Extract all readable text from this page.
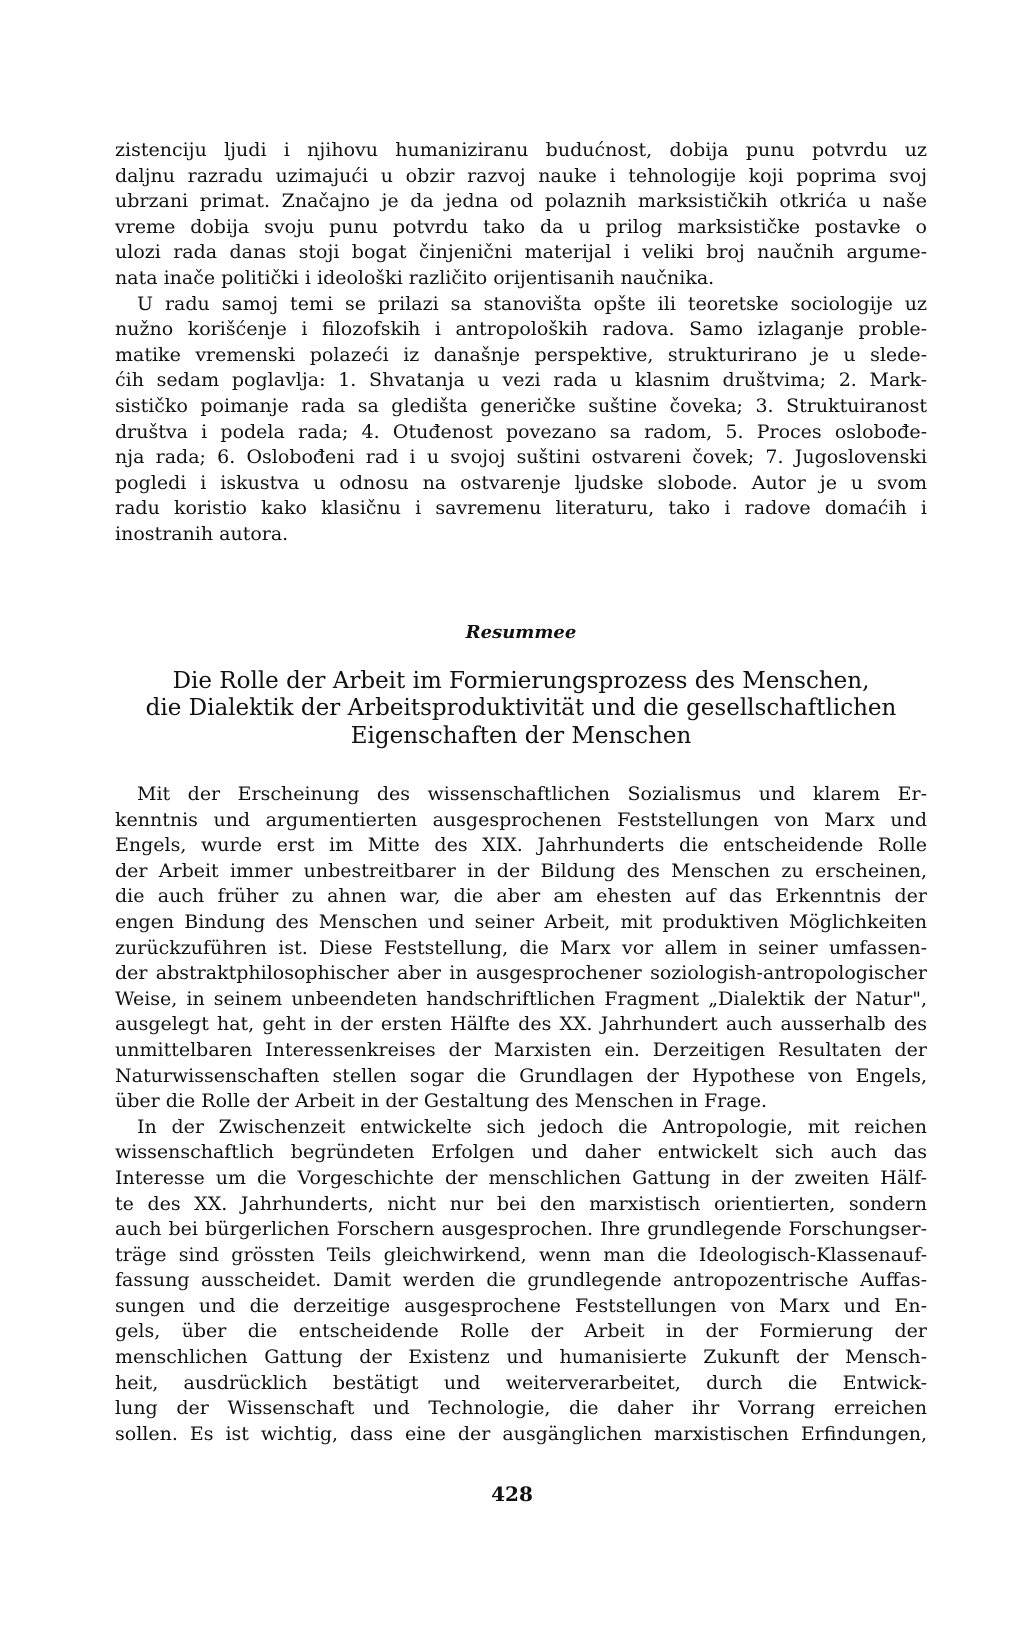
zistenciju ljudi i njihovu humaniziranu budućnost, dobija punu potvrdu uz
daljnu razradu uzimajući u obzir razvoj nauke i tehnologije koji poprima svoj
ubrzani primat. Značajno je da jedna od polaznih marksističkih otkrića u naše
vreme dobija svoju punu potvrdu tako da u prilog marksističke postavke o
ulozi rada danas stoji bogat činjenični materijal i veliki broj naučnih argume-
nata inače politički i ideološki različito orijentisanih naučnika.
U radu samoj temi se prilazi sa stanovišta opšte ili teoretske sociologije uz
nužno korišćenje i filozofskih i antropoloških radova. Samo izlaganje proble-
matike vremenski polazeći iz današnje perspektive, strukturirano je u slede-
ćih sedam poglavlja: 1. Shvatanja u vezi rada u klasnim društvima; 2. Mark-
sističko poimanje rada sa gledišta generičke suštine čoveka; 3. Struktuiranost
društva i podela rada; 4. Otuđenost povezano sa radom, 5. Proces oslobođe-
nja rada; 6. Oslobođeni rad i u svojoj suštini ostvareni čovek; 7. Jugoslovenski
pogledi i iskustva u odnosu na ostvarenje ljudske slobode. Autor je u svom
radu koristio kako klasičnu i savremenu literaturu, tako i radove domaćih i
inostranih autora.
Resummee
Die Rolle der Arbeit im Formierungsprozess des Menschen,
die Dialektik der Arbeitsproduktivität und die gesellschaftlichen
Eigenschaften der Menschen
Mit der Erscheinung des wissenschaftlichen Sozialismus und klarem Er-
kenntnis und argumentierten ausgesprochenen Feststellungen von Marx und
Engels, wurde erst im Mitte des XIX. Jahrhunderts die entscheidende Rolle
der Arbeit immer unbestreitbarer in der Bildung des Menschen zu erscheinen,
die auch früher zu ahnen war, die aber am ehesten auf das Erkenntnis der
engen Bindung des Menschen und seiner Arbeit, mit produktiven Möglichkeiten
zurückzuführen ist. Diese Feststellung, die Marx vor allem in seiner umfassen-
der abstraktphilosophischer aber in ausgesprochener soziologish-antropologischer
Weise, in seinem unbeendeten handschriftlichen Fragment „Dialektik der Natur",
ausgelegt hat, geht in der ersten Hälfte des XX. Jahrhundert auch ausserhalb des
unmittelbaren Interessenkreises der Marxisten ein. Derzeitigen Resultaten der
Naturwissenschaften stellen sogar die Grundlagen der Hypothese von Engels,
über die Rolle der Arbeit in der Gestaltung des Menschen in Frage.
In der Zwischenzeit entwickelte sich jedoch die Antropologie, mit reichen
wissenschaftlich begründeten Erfolgen und daher entwickelt sich auch das
Interesse um die Vorgeschichte der menschlichen Gattung in der zweiten Hälf-
te des XX. Jahrhunderts, nicht nur bei den marxistisch orientierten, sondern
auch bei bürgerlichen Forschern ausgesprochen. Ihre grundlegende Forschungser-
träge sind grössten Teils gleichwirkend, wenn man die Ideologisch-Klassenauf-
fassung ausscheidet. Damit werden die grundlegende antropozentrische Auffas-
sungen und die derzeitige ausgesprochene Feststellungen von Marx und En-
gels, über die entscheidende Rolle der Arbeit in der Formierung der
menschlichen Gattung der Existenz und humanisierte Zukunft der Mensch-
heit, ausdrücklich bestätigt und weiterverarbeitet, durch die Entwick-
lung der Wissenschaft und Technologie, die daher ihr Vorrang erreichen
sollen. Es ist wichtig, dass eine der ausgänglichen marxistischen Erfindungen,
428
